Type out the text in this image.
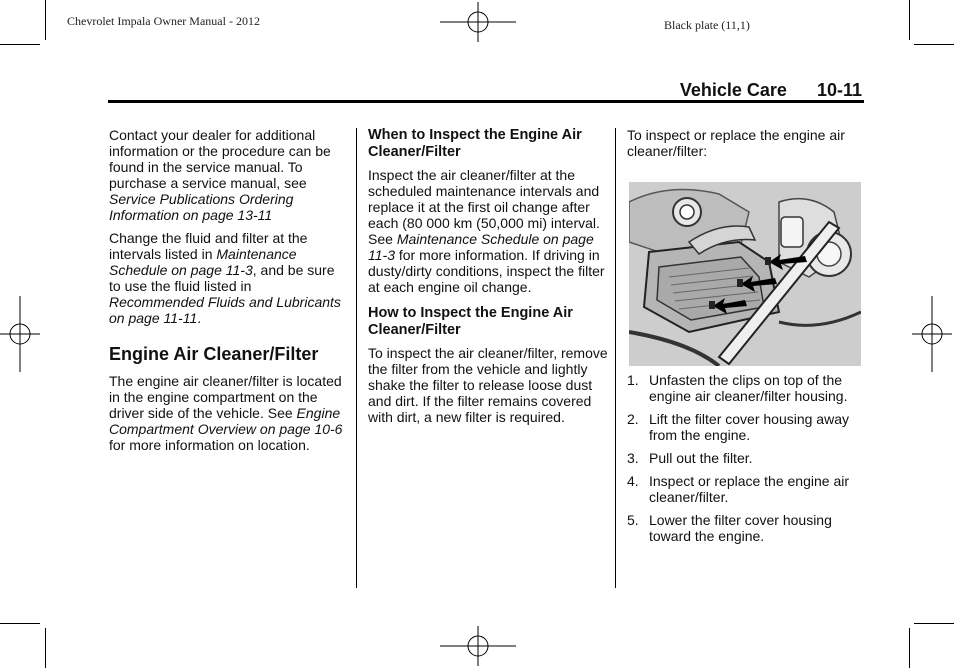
Chevrolet Impala Owner Manual - 2012	Black plate (11,1)
Vehicle Care 10-11

Contact your dealer for additional information or the procedure can be found in the service manual. To purchase a service manual, see Service Publications Ordering Information on page 13-11

Change the fluid and filter at the intervals listed in Maintenance Schedule on page 11-3, and be sure to use the fluid listed in Recommended Fluids and Lubricants on page 11-11.

Engine Air Cleaner/Filter

The engine air cleaner/filter is located in the engine compartment on the driver side of the vehicle. See Engine Compartment Overview on page 10-6 for more information on location.

When to Inspect the Engine Air Cleaner/Filter

Inspect the air cleaner/filter at the scheduled maintenance intervals and replace it at the first oil change after each (80 000 km (50,000 mi) interval. See Maintenance Schedule on page 11-3 for more information. If driving in dusty/dirty conditions, inspect the filter at each engine oil change.

How to Inspect the Engine Air Cleaner/Filter

To inspect the air cleaner/filter, remove the filter from the vehicle and lightly shake the filter to release loose dust and dirt. If the filter remains covered with dirt, a new filter is required.

To inspect or replace the engine air cleaner/filter:

1. Unfasten the clips on top of the engine air cleaner/filter housing.
2. Lift the filter cover housing away from the engine.
3. Pull out the filter.
4. Inspect or replace the engine air cleaner/filter.
5. Lower the filter cover housing toward the engine.
